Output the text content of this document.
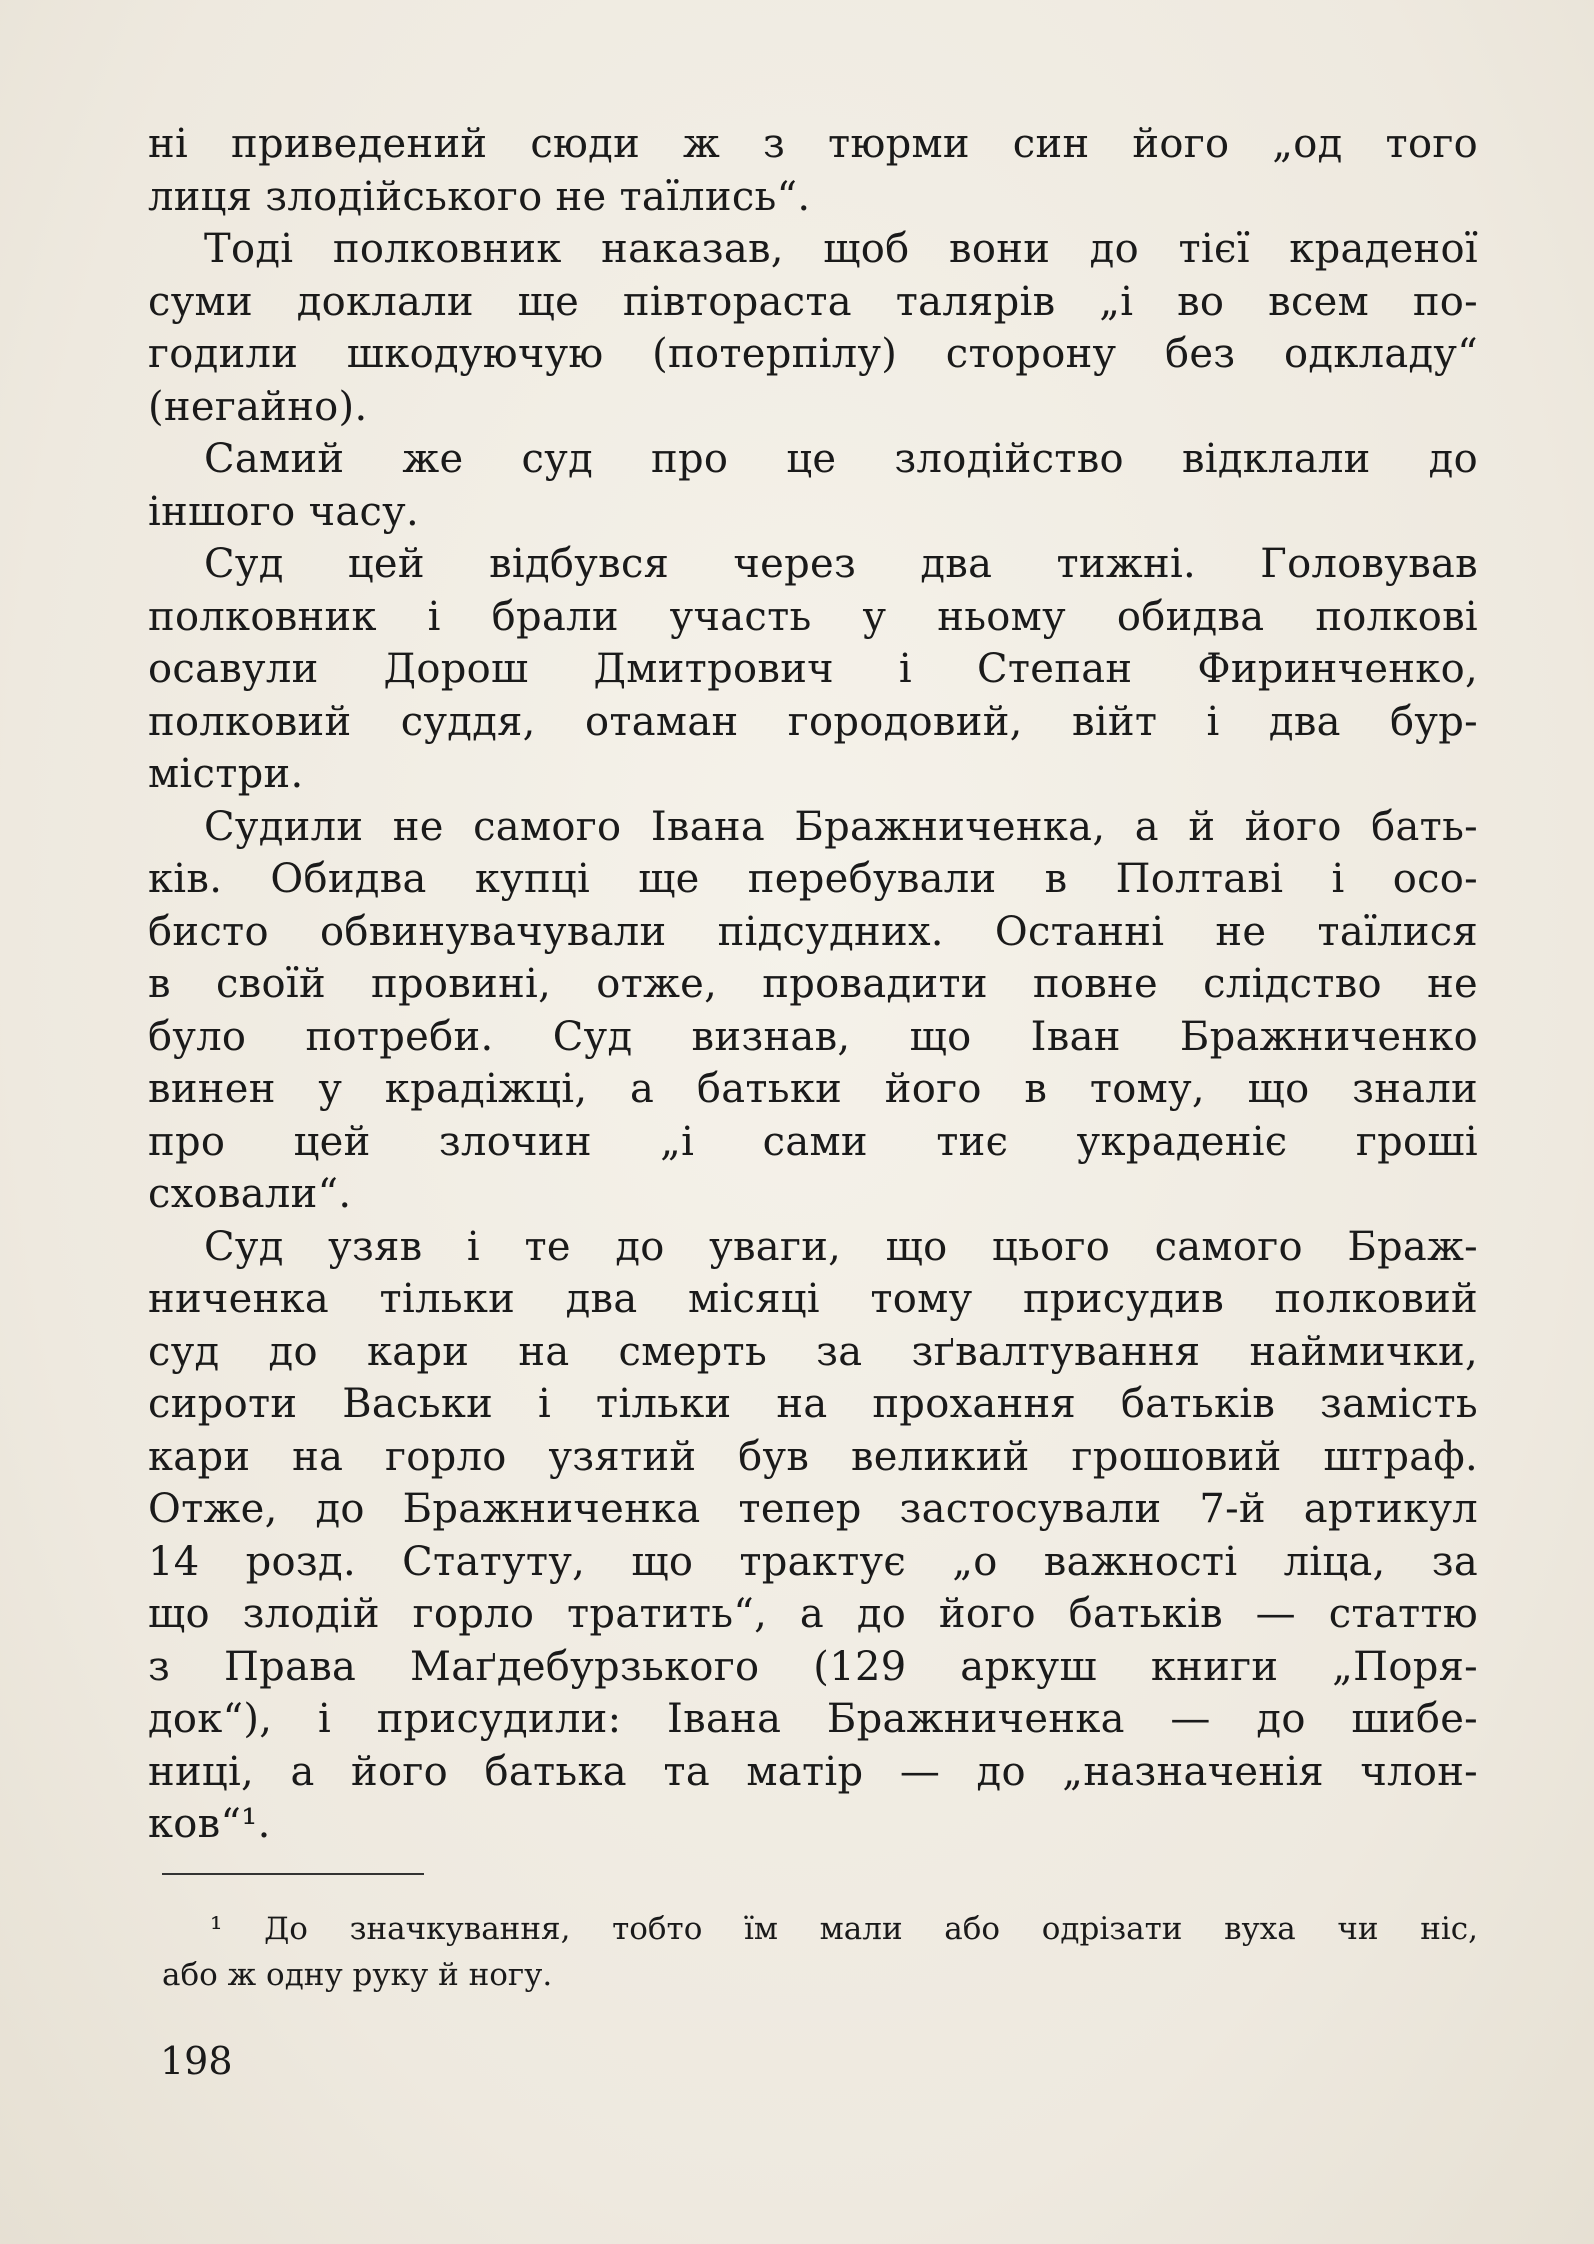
ні приведений сюди ж з тюрми син його „од того
лиця злодійського не таїлись“.
Тоді полковник наказав, щоб вони до тієї краденої
суми доклали ще півтораста талярів „і во всем по-
годили шкодуючую (потерпілу) сторону без одкладу“
(негайно).
Самий же суд про це злодійство відклали до
іншого часу.
Суд цей відбувся через два тижні. Головував
полковник і брали участь у ньому обидва полкові
осавули Дорош Дмитрович і Степан Фиринченко,
полковий суддя, отаман городовий, війт і два бур-
містри.
Судили не самого Івана Бражниченка, а й його бать-
ків. Обидва купці ще перебували в Полтаві і осо-
бисто обвинувачували підсудних. Останні не таїлися
в своїй провині, отже, провадити повне слідство не
було потреби. Суд визнав, що Іван Бражниченко
винен у крадіжці, а батьки його в тому, що знали
про цей злочин „і сами тиє украденіє гроші
сховали“.
Суд узяв і те до уваги, що цього самого Браж-
ниченка тільки два місяці тому присудив полковий
суд до кари на смерть за зґвалтування наймички,
сироти Васьки і тільки на прохання батьків замість
кари на горло узятий був великий грошовий штраф.
Отже, до Бражниченка тепер застосували 7-й артикул
14 розд. Статуту, що трактує „о важності ліца, за
що злодій горло тратить“, а до його батьків — статтю
з Права Маґдебурзького (129 аркуш книги „Поря-
док“), і присудили: Івана Бражниченка — до шибе-
ниці, а його батька та матір — до „назначенія члон-
ков“¹.
¹ До значкування, тобто їм мали або одрізати вуха чи ніс,
або ж одну руку й ногу.
198
